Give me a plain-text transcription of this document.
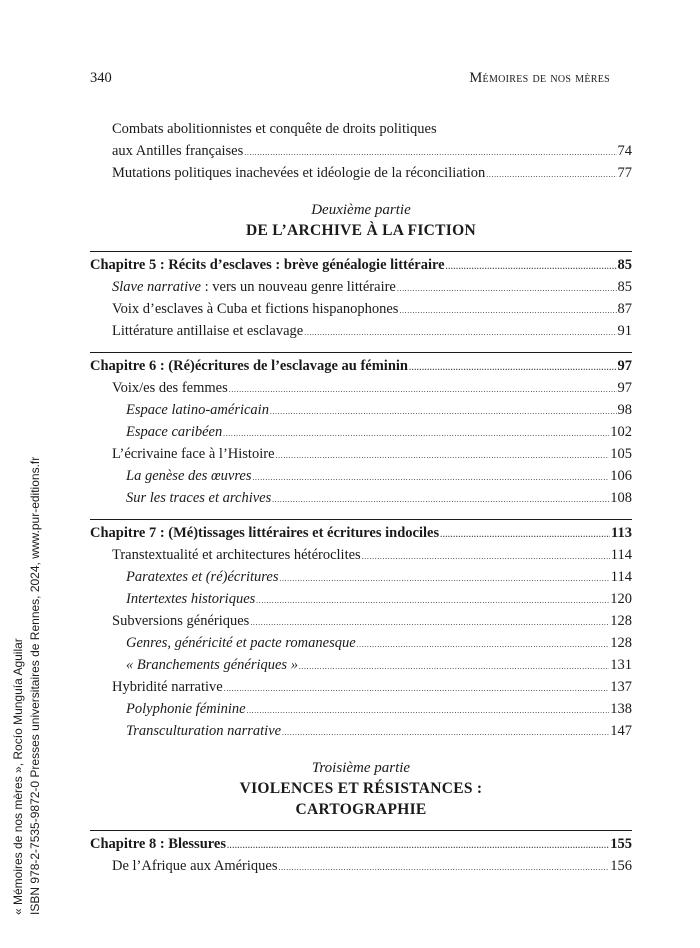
340	Mémoires de nos mères
Combats abolitionnistes et conquête de droits politiques
aux Antilles françaises .....	74
Mutations politiques inachevées et idéologie de la réconciliation .....	77
Deuxième partie
DE L’ARCHIVE À LA FICTION
Chapitre 5 : Récits d’esclaves : brève généalogie littéraire .....	85
Slave narrative : vers un nouveau genre littéraire .....	85
Voix d’esclaves à Cuba et fictions hispanophones .....	87
Littérature antillaise et esclavage .....	91
Chapitre 6 : (Ré)écritures de l’esclavage au féminin .....	97
Voix/es des femmes .....	97
Espace latino-américain .....	98
Espace caribéen .....	102
L’écrivaine face à l’Histoire .....	105
La genèse des œuvres .....	106
Sur les traces et archives .....	108
Chapitre 7 : (Mé)tissages littéraires et écritures indociles .....	113
Transtextualité et architectures hétéroclites .....	114
Paratextes et (ré)écritures .....	114
Intertextes historiques .....	120
Subversions génériques .....	128
Genres, généricité et pacte romanesque .....	128
« Branchements génériques » .....	131
Hybridité narrative .....	137
Polyphonie féminine .....	138
Transculturation narrative .....	147
Troisième partie
VIOLENCES ET RÉSISTANCES :
CARTOGRAPHIE
Chapitre 8 : Blessures .....	155
De l’Afrique aux Amériques .....	156
« Mémoires de nos mères », Rocío Munguía Aguilar ISBN 978-2-7535-9872-0 Presses universitaires de Rennes, 2024, www.pur-editions.fr
